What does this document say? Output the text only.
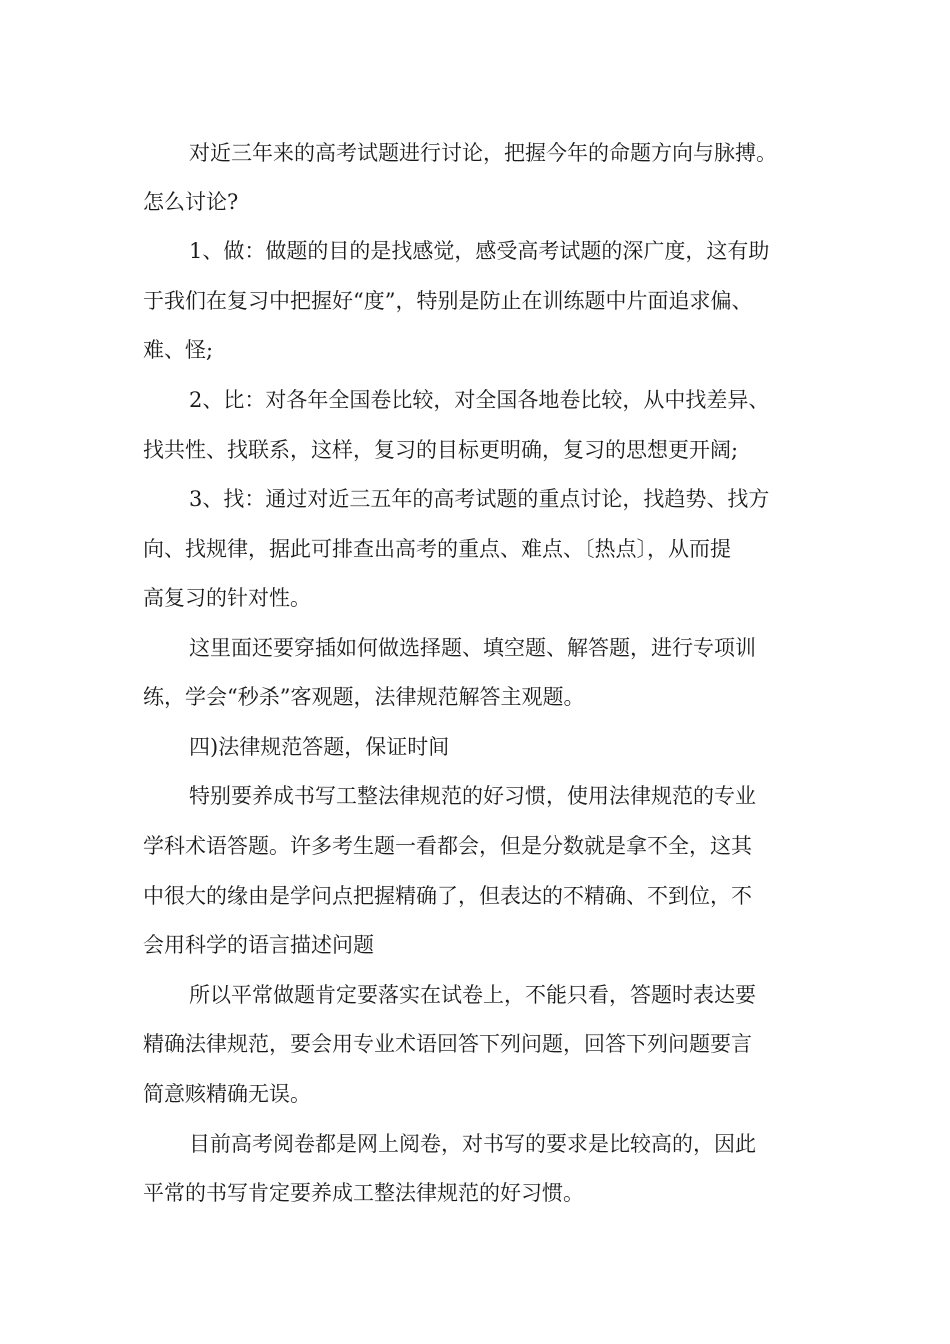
对近三年来的高考试题进行讨论，把握今年的命题方向与脉搏。
怎么讨论?
1、做：做题的目的是找感觉，感受高考试题的深广度，这有助
于我们在复习中把握好“度”，特别是防止在训练题中片面追求偏、
难、怪;
2、比：对各年全国卷比较，对全国各地卷比较，从中找差异、
找共性、找联系，这样，复习的目标更明确，复习的思想更开阔;
3、找：通过对近三五年的高考试题的重点讨论，找趋势、找方
向、找规律，据此可排查出高考的重点、难点、〔热点〕，从而提
高复习的针对性。
这里面还要穿插如何做选择题、填空题、解答题，进行专项训
练，学会“秒杀”客观题，法律规范解答主观题。
四)法律规范答题，保证时间
特别要养成书写工整法律规范的好习惯，使用法律规范的专业
学科术语答题。许多考生题一看都会，但是分数就是拿不全，这其
中很大的缘由是学问点把握精确了，但表达的不精确、不到位，不
会用科学的语言描述问题
所以平常做题肯定要落实在试卷上，不能只看，答题时表达要
精确法律规范，要会用专业术语回答下列问题，回答下列问题要言
简意赅精确无误。
目前高考阅卷都是网上阅卷，对书写的要求是比较高的，因此
平常的书写肯定要养成工整法律规范的好习惯。
